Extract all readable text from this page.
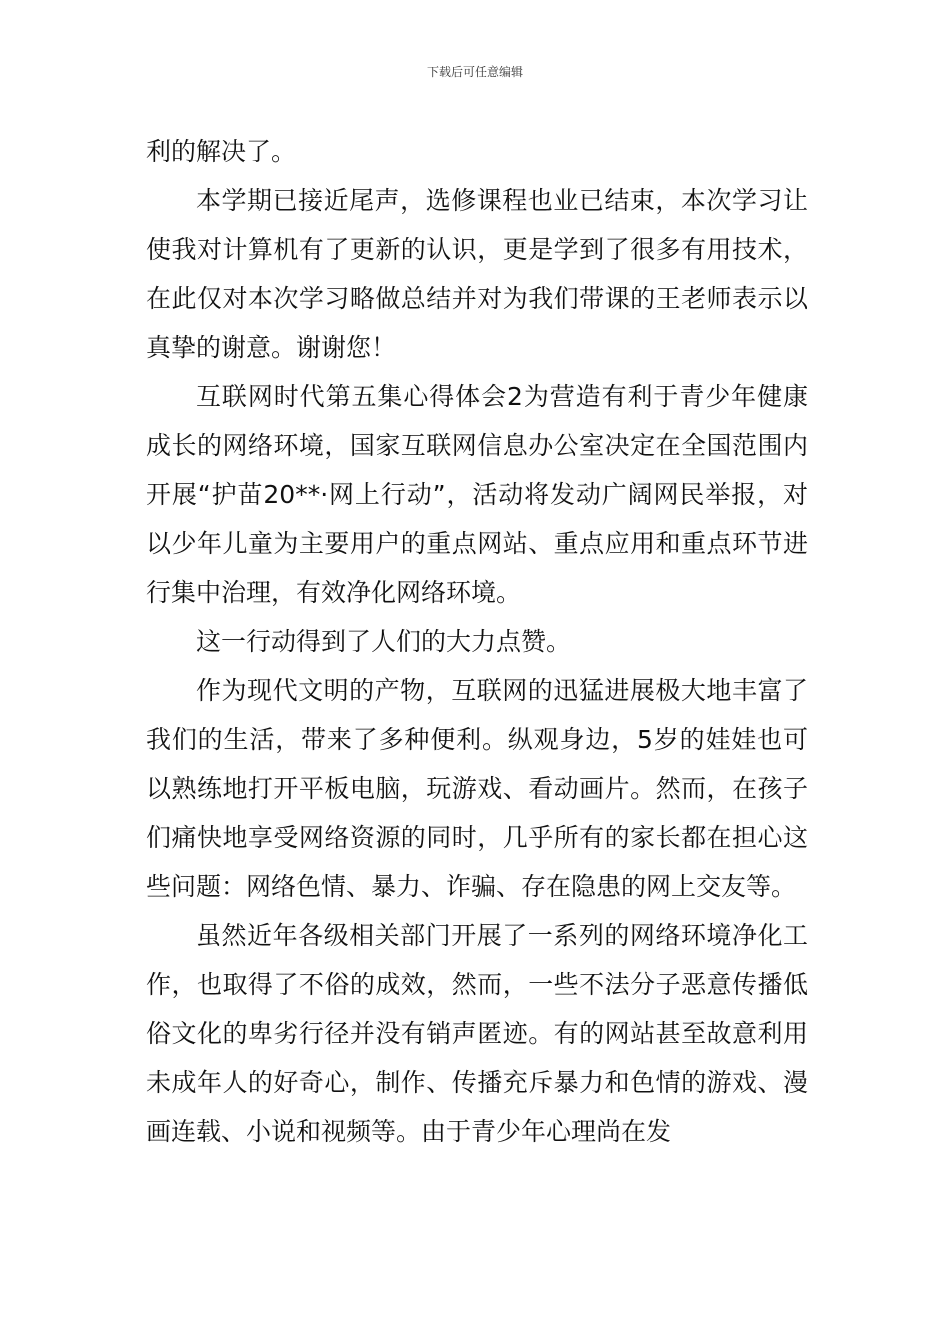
下载后可任意编辑

利的解决了。

本学期已接近尾声，选修课程也业已结束，本次学习让使我对计算机有了更新的认识，更是学到了很多有用技术，在此仅对本次学习略做总结并对为我们带课的王老师表示以真挚的谢意。谢谢您！

互联网时代第五集心得体会2为营造有利于青少年健康成长的网络环境，国家互联网信息办公室决定在全国范围内开展“护苗20**·网上行动”，活动将发动广阔网民举报，对以少年儿童为主要用户的重点网站、重点应用和重点环节进行集中治理，有效净化网络环境。

这一行动得到了人们的大力点赞。

作为现代文明的产物，互联网的迅猛进展极大地丰富了我们的生活，带来了多种便利。纵观身边，5岁的娃娃也可以熟练地打开平板电脑，玩游戏、看动画片。然而，在孩子们痛快地享受网络资源的同时，几乎所有的家长都在担心这些问题：网络色情、暴力、诈骗、存在隐患的网上交友等。

虽然近年各级相关部门开展了一系列的网络环境净化工作，也取得了不俗的成效，然而，一些不法分子恶意传播低俗文化的卑劣行径并没有销声匿迹。有的网站甚至故意利用未成年人的好奇心，制作、传播充斥暴力和色情的游戏、漫画连载、小说和视频等。由于青少年心理尚在发
